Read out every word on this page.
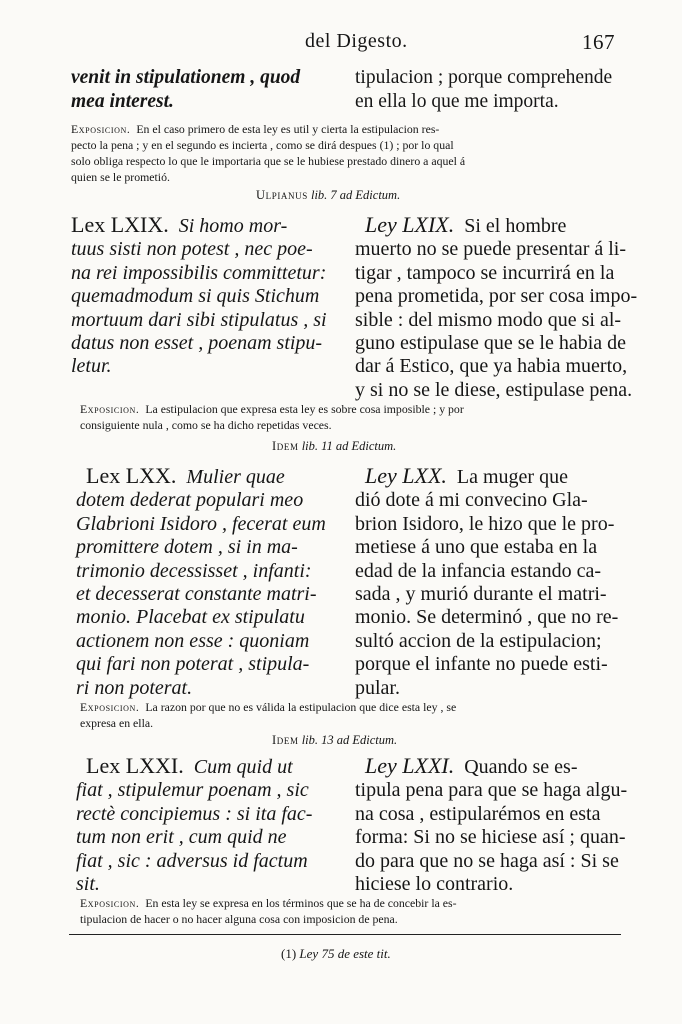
del Digesto.	167
venit in stipulationem , quod
mea interest.
tipulacion ; porque comprehende
en ella lo que me importa.
Exposicion. En el caso primero de esta ley es util y cierta la estipulacion res-
pecto la pena ; y en el segundo es incierta , como se dirá despues (1) ; por lo qual
solo obliga respecto lo que le importaria que se le hubiese prestado dinero a aquel á
quien se le prometió.
Ulpianus lib. 7 ad Edictum.
Lex LXIX. Si homo mor-
tuus sisti non potest , nec poe-
na rei impossibilis committetur:
quemadmodum si quis Stichum
mortuum dari sibi stipulatus , si
datus non esset , poenam stipu-
letur.
Ley LXIX. Si el hombre
muerto no se puede presentar á li-
tigar , tampoco se incurrirá en la
pena prometida, por ser cosa impo-
sible : del mismo modo que si al-
guno estipulase que se le habia de
dar á Estico, que ya habia muerto,
y si no se le diese, estipulase pena.
Exposicion. La estipulacion que expresa esta ley es sobre cosa imposible ; y por
consiguiente nula , como se ha dicho repetidas veces.
Idem lib. 11 ad Edictum.
Lex LXX. Mulier quae
dotem dederat populari meo
Glabrioni Isidoro , fecerat eum
promittere dotem , si in ma-
trimonio decessisset , infanti:
et decesserat constante matri-
monio. Placebat ex stipulatu
actionem non esse : quoniam
qui fari non poterat , stipula-
ri non poterat.
Ley LXX. La muger que
dió dote á mi convecino Gla-
brion Isidoro, le hizo que le pro-
metiese á uno que estaba en la
edad de la infancia estando ca-
sada , y murió durante el matri-
monio. Se determinó , que no re-
sultó accion de la estipulacion;
porque el infante no puede esti-
pular.
Exposicion. La razon por que no es válida la estipulacion que dice esta ley , se
expresa en ella.
Idem lib. 13 ad Edictum.
Lex LXXI. Cum quid ut
fiat , stipulemur poenam , sic
rectè concipiemus : si ita fac-
tum non erit , cum quid ne
fiat , sic : adversus id factum
sit.
Ley LXXI. Quando se es-
tipula pena para que se haga algu-
na cosa , estipularémos en esta
forma: Si no se hiciese así ; quan-
do para que no se haga así : Si se
hiciese lo contrario.
Exposicion. En esta ley se expresa en los términos que se ha de concebir la es-
tipulacion de hacer o no hacer alguna cosa con imposicion de pena.
(1) Ley 75 de este tit.
